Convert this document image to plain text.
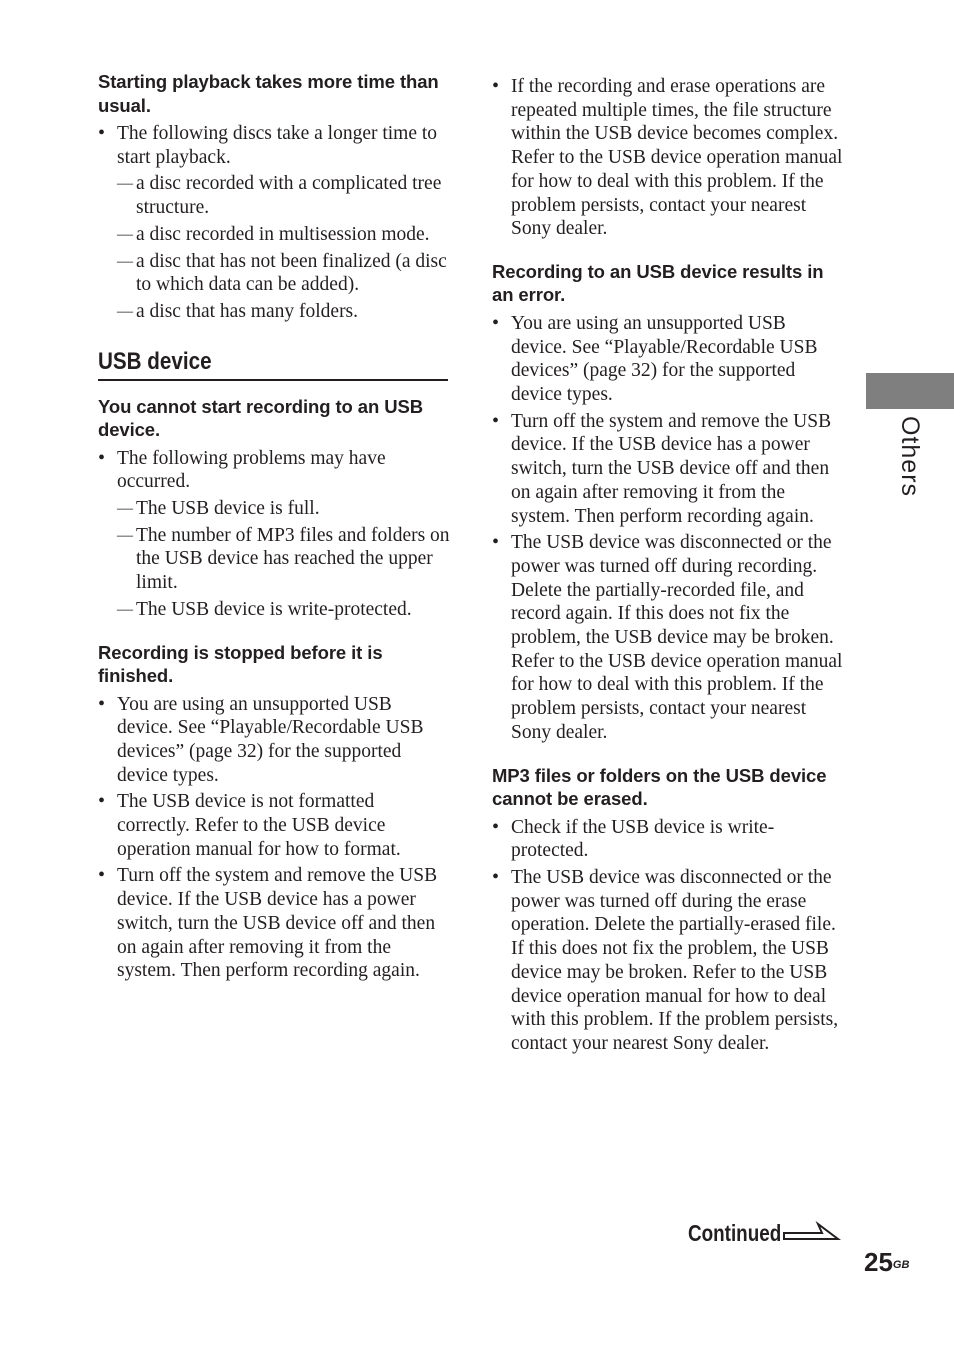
Starting playback takes more time than usual.
• The following discs take a longer time to start playback.
— a disc recorded with a complicated tree structure.
— a disc recorded in multisession mode.
— a disc that has not been finalized (a disc to which data can be added).
— a disc that has many folders.
USB device
You cannot start recording to an USB device.
• The following problems may have occurred.
— The USB device is full.
— The number of MP3 files and folders on the USB device has reached the upper limit.
— The USB device is write-protected.
Recording is stopped before it is finished.
• You are using an unsupported USB device. See “Playable/Recordable USB devices” (page 32) for the supported device types.
• The USB device is not formatted correctly. Refer to the USB device operation manual for how to format.
• Turn off the system and remove the USB device. If the USB device has a power switch, turn the USB device off and then on again after removing it from the system. Then perform recording again.
• If the recording and erase operations are repeated multiple times, the file structure within the USB device becomes complex. Refer to the USB device operation manual for how to deal with this problem. If the problem persists, contact your nearest Sony dealer.
Recording to an USB device results in an error.
• You are using an unsupported USB device. See “Playable/Recordable USB devices” (page 32) for the supported device types.
• Turn off the system and remove the USB device. If the USB device has a power switch, turn the USB device off and then on again after removing it from the system. Then perform recording again.
• The USB device was disconnected or the power was turned off during recording. Delete the partially-recorded file, and record again. If this does not fix the problem, the USB device may be broken. Refer to the USB device operation manual for how to deal with this problem. If the problem persists, contact your nearest Sony dealer.
MP3 files or folders on the USB device cannot be erased.
• Check if the USB device is write-protected.
• The USB device was disconnected or the power was turned off during the erase operation. Delete the partially-erased file. If this does not fix the problem, the USB device may be broken. Refer to the USB device operation manual for how to deal with this problem. If the problem persists, contact your nearest Sony dealer.
Others
Continued
$25^{GB}$
